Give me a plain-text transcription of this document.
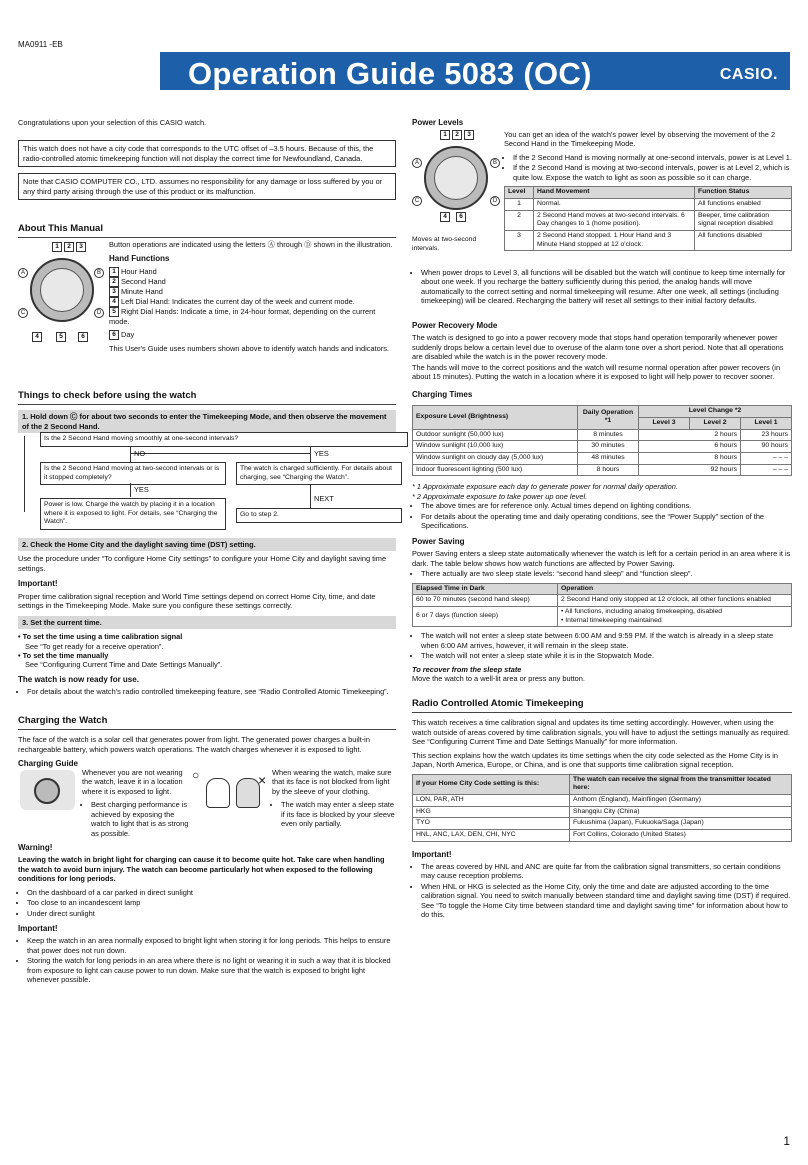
MA0911 -EB
Operation Guide 5083 (OC)	CASIO.

Congratulations upon your selection of this CASIO watch.

This watch does not have a city code that corresponds to the UTC offset of –3.5 hours. Because of this, the radio-controlled atomic timekeeping function will not display the correct time for Newfoundland, Canada.
Note that CASIO COMPUTER CO., LTD. assumes no responsibility for any damage or loss suffered by you or any third party arising through the use of this product or its malfunction.
About This Manual
1	2	3
A	B
C	D
4	5	6

Button operations are indicated using the letters Ⓐ through Ⓓ shown in the illustration.

Hand Functions
1 Hour Hand
2 Second Hand
3 Minute Hand
4 Left Dial Hand: Indicates the current day of the week and current mode.
5 Right Dial Hands: Indicate a time, in 24-hour format, depending on the current mode.
6 Day

This User's Guide uses numbers shown above to identify watch hands and indicators.

Things to check before using the watch
1. Hold down Ⓒ for about two seconds to enter the Timekeeping Mode, and then observe the movement of the 2 Second Hand.
Is the 2 Second Hand moving smoothly at one-second intervals?
NO	YES
Is the 2 Second Hand moving at two-second intervals or is it stopped completely?
The watch is charged sufficiently. For details about charging, see “Charging the Watch”.
YES
NEXT
Power is low. Charge the watch by placing it in a location where it is exposed to light. For details, see “Charging the Watch”.
Go to step 2.
2. Check the Home City and the daylight saving time (DST) setting.

Use the procedure under “To configure Home City settings” to configure your Home City and daylight saving time settings.

Important!

Proper time calibration signal reception and World Time settings depend on correct Home City, time, and date settings in the Timekeeping Mode. Make sure you configure these settings correctly.

3. Set the current time.
• To set the time using a time calibration signal
See “To get ready for a receive operation”.
• To set the time manually
See “Configuring Current Time and Date Settings Manually”.
The watch is now ready for use.
• For details about the watch's radio controlled timekeeping feature, see “Radio Controlled Atomic Timekeeping”.
Charging the Watch

The face of the watch is a solar cell that generates power from light. The generated power charges a built-in rechargeable battery, which powers watch operations. The watch charges whenever it is exposed to light.

Charging Guide

Whenever you are not wearing the watch, leave it in a location where it is exposed to light.

• Best charging performance is achieved by exposing the watch to light that is as strong as possible.
○	× When wearing the watch, make sure that its face is not blocked from light by the sleeve of your clothing.

• The watch may enter a sleep state if its face is blocked by your sleeve even only partially.
Warning!

Leaving the watch in bright light for charging can cause it to become quite hot. Take care when handling the watch to avoid burn injury. The watch can become particularly hot when exposed to the following conditions for long periods.

• On the dashboard of a car parked in direct sunlight
• Too close to an incandescent lamp
• Under direct sunlight
Important!
• Keep the watch in an area normally exposed to bright light when storing it for long periods. This helps to ensure that power does not run down.
• Storing the watch for long periods in an area where there is no light or wearing it in such a way that it is blocked from exposure to light can cause power to run down. Make sure that the watch is exposed to bright light whenever possible.
Power Levels
1	2	3
A	B
C	D
4	6
Moves at two-second intervals.

You can get an idea of the watch's power level by observing the movement of the 2 Second Hand in the Timekeeping Mode.

• If the 2 Second Hand is moving normally at one-second intervals, power is at Level 1.
• If the 2 Second Hand is moving at two-second intervals, power is at Level 2, which is quite low. Expose the watch to light as soon as possible so it can charge.
Level	Hand Movement	Function Status
1	Normal.	All functions enabled
2	2 Second Hand moves at two-second intervals. 6 Day changes to 1 (home position).	Beeper, time calibration signal reception disabled
3	2 Second Hand stopped. 1 Hour Hand and 3 Minute Hand stopped at 12 o'clock.	All functions disabled
• When power drops to Level 3, all functions will be disabled but the watch will continue to keep time internally for about one week. If you recharge the battery sufficiently during this period, the analog hands will move automatically to the correct setting and normal timekeeping will resume. After one week, all settings (including timekeeping) will be cleared. Recharging the battery will reset all settings to their initial factory defaults.
Power Recovery Mode

The watch is designed to go into a power recovery mode that stops hand operation temporarily whenever power suddenly drops below a certain level due to overuse of the alarm tone over a short period. Note that all operations are disabled while the watch is in the power recovery mode.

The hands will move to the correct positions and the watch will resume normal operation after power recovers (in about 15 minutes). Putting the watch in a location where it is exposed to light will help power to recover sooner.

Charging Times
Exposure Level (Brightness)	Daily Operation *1	Level Change *2		
		Level 3	Level 2	Level 1
Outdoor sunlight (50,000 lux)	8 minutes	2 hours		23 hours
Window sunlight (10,000 lux)	30 minutes	6 hours		90 hours
Window sunlight on cloudy day (5,000 lux)	48 minutes	8 hours		– – –
Indoor fluorescent lighting (500 lux)	8 hours	92 hours		– – –
* 1 Approximate exposure each day to generate power for normal daily operation.
* 2 Approximate exposure to take power up one level.
• The above times are for reference only. Actual times depend on lighting conditions.
• For details about the operating time and daily operating conditions, see the “Power Supply” section of the Specifications.
Power Saving

Power Saving enters a sleep state automatically whenever the watch is left for a certain period in an area where it is dark. The table below shows how watch functions are affected by Power Saving.

• There actually are two sleep state levels: “second hand sleep” and “function sleep”.
Elapsed Time in Dark	Operation
60 to 70 minutes (second hand sleep)	2 Second Hand only stopped at 12 o'clock, all other functions enabled
6 or 7 days (function sleep)	• All functions, including analog timekeeping, disabled
• Internal timekeeping maintained
• The watch will not enter a sleep state between 6:00 AM and 9:59 PM. If the watch is already in a sleep state when 6:00 AM arrives, however, it will remain in the sleep state.
• The watch will not enter a sleep state while it is in the Stopwatch Mode.
To recover from the sleep state

Move the watch to a well-lit area or press any button.

Radio Controlled Atomic Timekeeping

This watch receives a time calibration signal and updates its time setting accordingly. However, when using the watch outside of areas covered by time calibration signals, you will have to adjust the settings manually as required. See “Configuring Current Time and Date Settings Manually” for more information.

This section explains how the watch updates its time settings when the city code selected as the Home City is in Japan, North America, Europe, or China, and is one that supports time calibration signal reception.

If your Home City Code setting is this:	The watch can receive the signal from the transmitter located here:
LON, PAR, ATH	Anthorn (England), Mainflingen (Germany)
HKG	Shangqiu City (China)
TYO	Fukushima (Japan), Fukuoka/Saga (Japan)
HNL, ANC, LAX, DEN, CHI, NYC	Fort Collins, Colorado (United States)
Important!
• The areas covered by HNL and ANC are quite far from the calibration signal transmitters, so certain conditions may cause reception problems.
• When HNL or HKG is selected as the Home City, only the time and date are adjusted according to the time calibration signal. You need to switch manually between standard time and daylight saving time (DST) if required. See “To toggle the Home City time between standard time and daylight saving time” for information about how to do this.
1
